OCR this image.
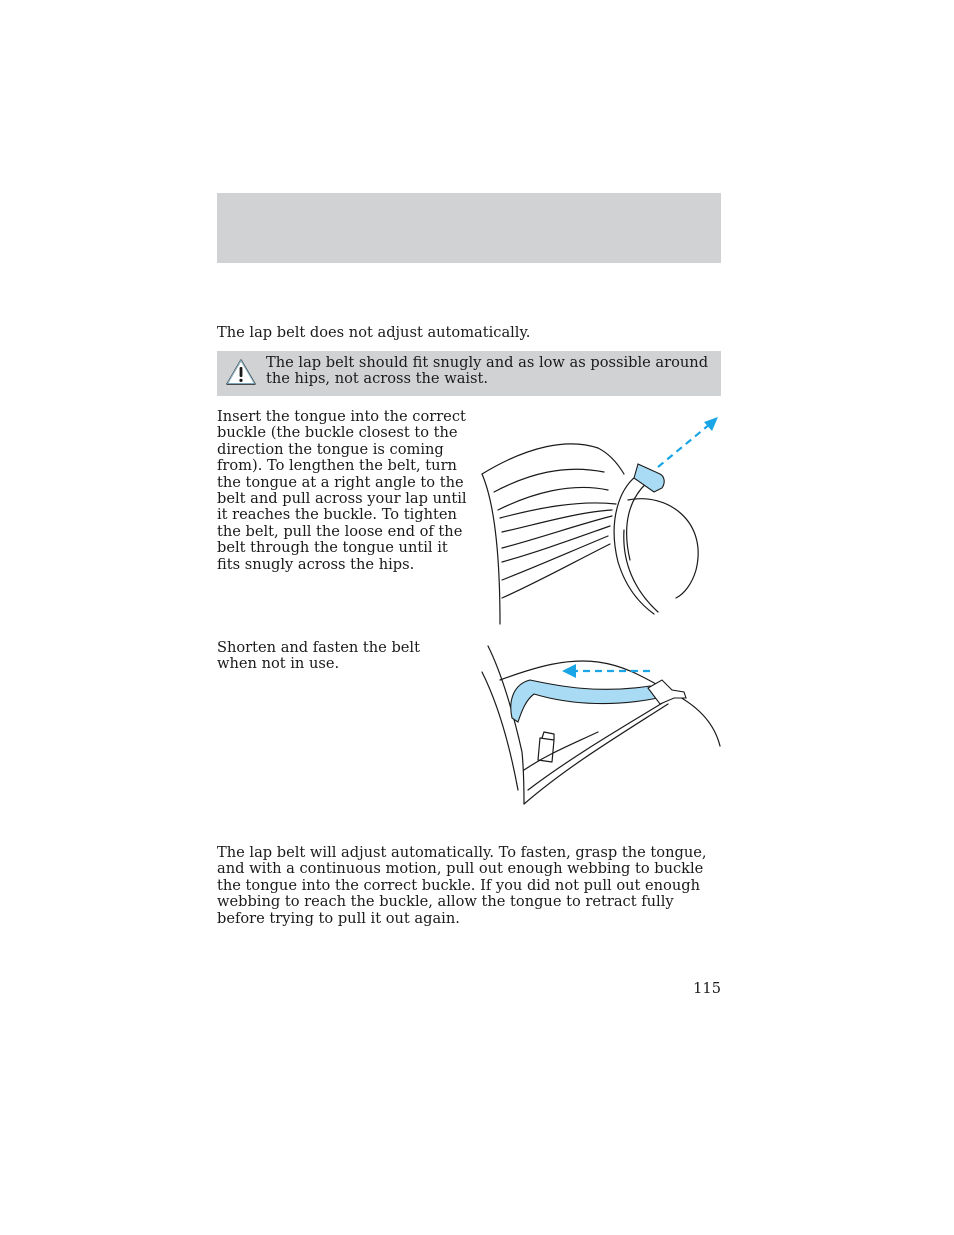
The lap belt does not adjust automatically.

The lap belt should fit snugly and as low as possible around the hips, not across the waist.

Insert the tongue into the correct buckle (the buckle closest to the direction the tongue is coming from). To lengthen the belt, turn the tongue at a right angle to the belt and pull across your lap until it reaches the buckle. To tighten the belt, pull the loose end of the belt through the tongue until it fits snugly across the hips.

Shorten and fasten the belt when not in use.

The lap belt will adjust automatically. To fasten, grasp the tongue, and with a continuous motion, pull out enough webbing to buckle the tongue into the correct buckle. If you did not pull out enough webbing to reach the buckle, allow the tongue to retract fully before trying to pull it out again.

115
